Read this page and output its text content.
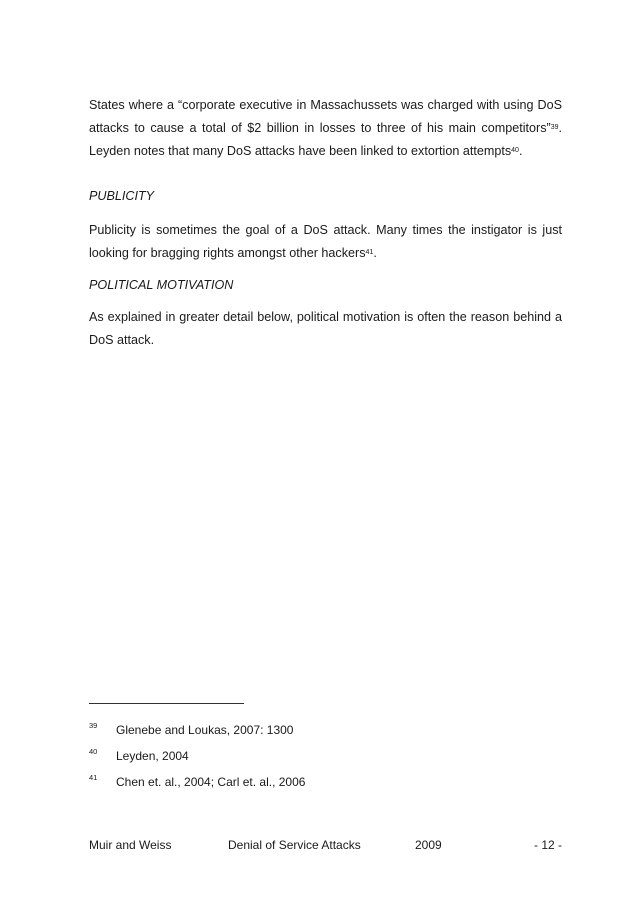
States where a “corporate executive in Massachussets was charged with using DoS attacks to cause a total of $2 billion in losses to three of his main competitors”$^{39}$. Leyden notes that many DoS attacks have been linked to extortion attempts$^{40}$.

PUBLICITY

Publicity is sometimes the goal of a DoS attack. Many times the instigator is just looking for bragging rights amongst other hackers$^{41}$.

POLITICAL MOTIVATION

As explained in greater detail below, political motivation is often the reason behind a DoS attack.

39 Glenebe and Loukas, 2007: 1300
40 Leyden, 2004
41 Chen et. al., 2004; Carl et. al., 2006
Muir and Weiss	Denial of Service Attacks	2009	- 12 -
